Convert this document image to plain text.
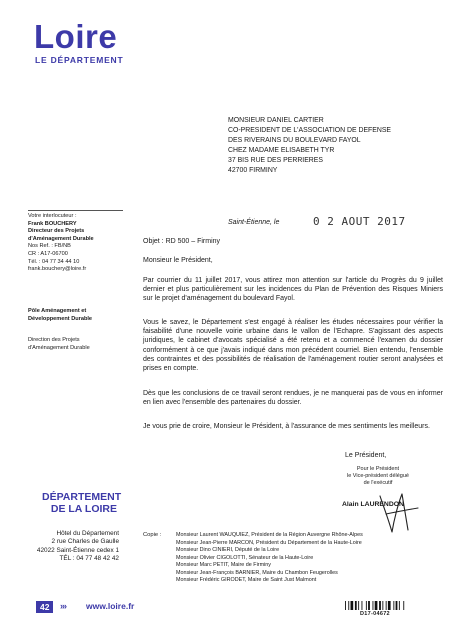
Loire
LE DÉPARTEMENT
MONSIEUR DANIEL CARTIER
CO-PRESIDENT DE L'ASSOCIATION DE DEFENSE
DES RIVERAINS DU BOULEVARD FAYOL
CHEZ MADAME ELISABETH TYR
37 BIS RUE DES PERRIERES
42700 FIRMINY
Votre interlocuteur :
Frank BOUCHERY
Directeur des Projets
d'Aménagement Durable
Nos Ref. : FB/NB
CR : A17-06700
Tél. : 04 77 34 44 10
frank.bouchery@loire.fr
Pôle Aménagement et
Développement Durable
Direction des Projets
d'Aménagement Durable
Saint-Étienne, le	0 2 AOUT 2017
Objet : RD 500 – Firminy
Monsieur le Président,
Par courrier du 11 juillet 2017, vous attirez mon attention sur l'article du Progrès du 9 juillet dernier et plus particulièrement sur les incidences du Plan de Prévention des Risques Miniers sur le projet d'aménagement du boulevard Fayol.
Vous le savez, le Département s'est engagé à réaliser les études nécessaires pour vérifier la faisabilité d'une nouvelle voirie urbaine dans le vallon de l'Echapre. S'agissant des aspects juridiques, le cabinet d'avocats spécialisé a été retenu et a commencé l'examen du dossier conformément à ce que j'avais indiqué dans mon précédent courriel. Bien entendu, l'ensemble des contraintes et des possibilités de réalisation de l'aménagement routier seront analysées et prises en compte.
Dès que les conclusions de ce travail seront rendues, je ne manquerai pas de vous en informer en lien avec l'ensemble des partenaires du dossier.
Je vous prie de croire, Monsieur le Président, à l'assurance de mes sentiments les meilleurs.
Le Président,
Pour le Président
le Vice-président délégué
de l'exécutif
Alain LAURENDON
DÉPARTEMENT
DE LA LOIRE
Hôtel du Département
2 rue Charles de Gaulle
42022 Saint-Étienne cedex 1
TÉL : 04 77 48 42 42
Copie :	Monsieur Laurent WAUQUIEZ, Président de la Région Auvergne Rhône-Alpes
Monsieur Jean-Pierre MARCON, Président du Département de la Haute-Loire
Monsieur Dino CINIERI, Député de la Loire
Monsieur Olivier CIGOLOTTI, Sénateur de la Haute-Loire
Monsieur Marc PETIT, Maire de Firminy
Monsieur Jean-François BARNIER, Maire du Chambon Feugerolles
Monsieur Frédéric GIRODET, Maire de Saint Just Malmont
42	››› www.loire.fr
D17-04672
